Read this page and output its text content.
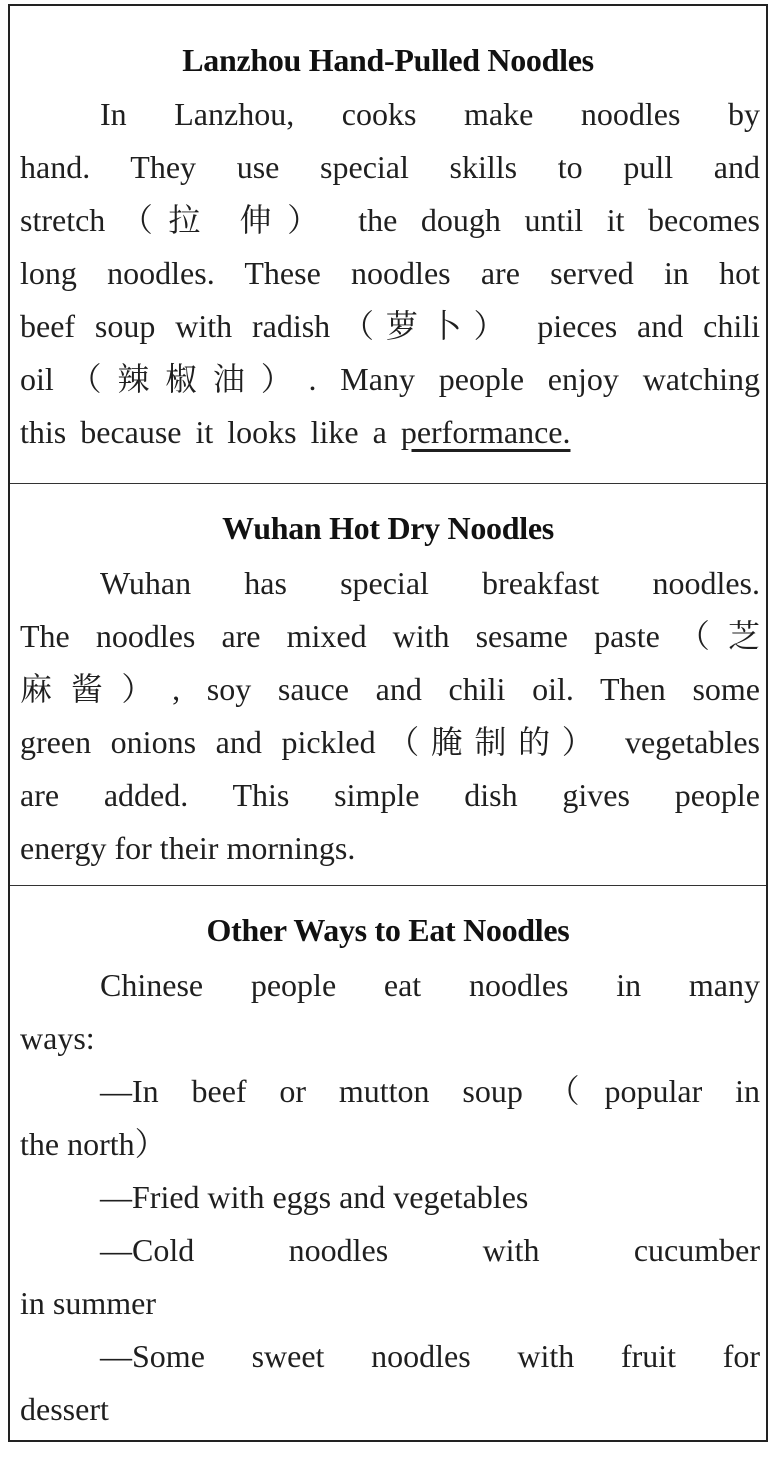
Lanzhou Hand-Pulled Noodles
In Lanzhou, cooks make noodles by
hand. They use special skills to pull and
stretch（拉 伸） the dough until it becomes
long noodles. These noodles are served in hot
beef soup with radish（萝卜） pieces and chili
oil（辣椒油）. Many people enjoy watching
this because it looks like a performance.
Wuhan Hot Dry Noodles
Wuhan has special breakfast noodles.
The noodles are mixed with sesame paste（芝
麻酱）, soy sauce and chili oil. Then some
green onions and pickled（腌制的） vegetables
are added. This simple dish gives people
energy for their mornings.
Other Ways to Eat Noodles
Chinese people eat noodles in many
ways:
—In beef or mutton soup（popular in
the north）
—Fried with eggs and vegetables
—Cold noodles with cucumber
in summer
—Some sweet noodles with fruit for
dessert
